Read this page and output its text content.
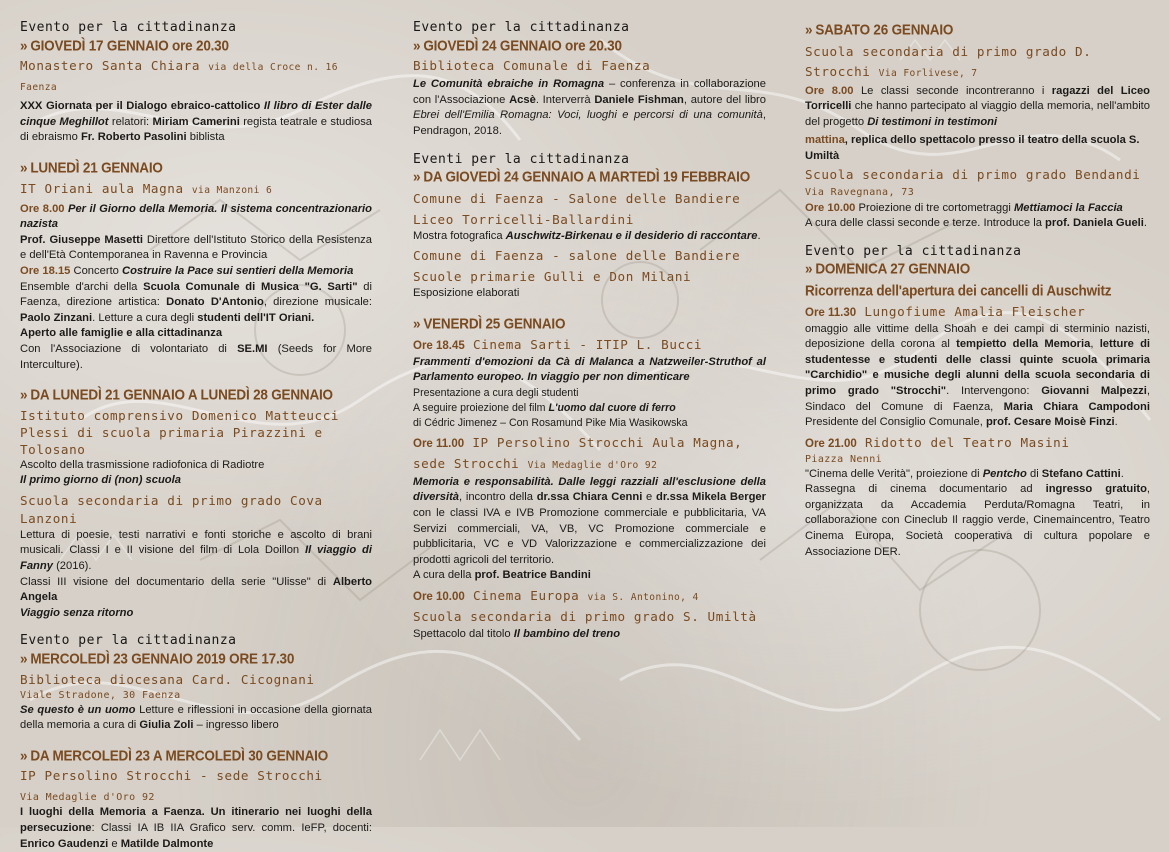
Evento per la cittadinanza
» GIOVEDÌ 17 GENNAIO ore 20.30
Monastero Santa Chiara via della Croce n. 16 Faenza

XXX Giornata per il Dialogo ebraico-cattolico Il libro di Ester dalle cinque Meghillot relatori: Miriam Camerini regista teatrale e studiosa di ebraismo Fr. Roberto Pasolini biblista

» LUNEDÌ 21 GENNAIO
IT Oriani aula Magna via Manzoni 6

Ore 8.00 Per il Giorno della Memoria. Il sistema concentrazionario nazista
Prof. Giuseppe Masetti Direttore dell'Istituto Storico della Resistenza e dell'Età Contemporanea in Ravenna e Provincia

Ore 18.15 Concerto Costruire la Pace sui sentieri della Memoria
Ensemble d'archi della Scuola Comunale di Musica "G. Sarti" di Faenza, direzione artistica: Donato D'Antonio, direzione musicale: Paolo Zinzani. Letture a cura degli studenti dell'IT Oriani.
Aperto alle famiglie e alla cittadinanza
Con l'Associazione di volontariato di SE.MI (Seeds for More Interculture).

» DA LUNEDÌ 21 GENNAIO A LUNEDÌ 28 GENNAIO
Istituto comprensivo Domenico Matteucci
Plessi di scuola primaria Pirazzini e Tolosano

Ascolto della trasmissione radiofonica di Radiotre
Il primo giorno di (non) scuola

Scuola secondaria di primo grado Cova Lanzoni

Lettura di poesie, testi narrativi e fonti storiche e ascolto di brani musicali. Classi I e II visione del film di Lola Doillon Il viaggio di Fanny (2016).
Classi III visione del documentario della serie "Ulisse" di Alberto Angela
Viaggio senza ritorno

Evento per la cittadinanza
» MERCOLEDÌ 23 GENNAIO 2019 ORE 17.30
Biblioteca diocesana Card. Cicognani
Viale Stradone, 30 Faenza

Se questo è un uomo Letture e riflessioni in occasione della giornata della memoria a cura di Giulia Zoli – ingresso libero

» DA MERCOLEDÌ 23 A MERCOLEDÌ 30 GENNAIO
IP Persolino Strocchi - sede Strocchi
Via Medaglie d'Oro 92

I luoghi della Memoria a Faenza. Un itinerario nei luoghi della persecuzione: Classi IA IB IIA Grafico serv. comm. IeFP, docenti: Enrico Gaudenzi e Matilde Dalmonte

Evento per la cittadinanza
» GIOVEDÌ 24 GENNAIO ore 20.30
Biblioteca Comunale di Faenza

Le Comunità ebraiche in Romagna – conferenza in collaborazione con l'Associazione Acsè. Interverrà Daniele Fishman, autore del libro Ebrei dell'Emilia Romagna: Voci, luoghi e percorsi di una comunità, Pendragon, 2018.

Eventi per la cittadinanza
» DA GIOVEDÌ 24 GENNAIO A MARTEDÌ 19 FEBBRAIO
Comune di Faenza - Salone delle Bandiere
Liceo Torricelli-Ballardini

Mostra fotografica Auschwitz-Birkenau e il desiderio di raccontare.

Comune di Faenza - salone delle Bandiere
Scuole primarie Gulli e Don Milani

Esposizione elaborati

» VENERDÌ 25 GENNAIO
Ore 18.45 Cinema Sarti - ITIP L. Bucci

Frammenti d'emozioni da Cà di Malanca a Natzweiler-Struthof al Parlamento europeo. In viaggio per non dimenticare

Presentazione a cura degli studenti
A seguire proiezione del film L'uomo dal cuore di ferro
di Cédric Jimenez – Con Rosamund Pike Mia Wasikowska

Ore 11.00 IP Persolino Strocchi Aula Magna, sede Strocchi Via Medaglie d'Oro 92

Memoria e responsabilità. Dalle leggi razziali all'esclusione della diversità, incontro della dr.ssa Chiara Cenni e dr.ssa Mikela Berger con le classi IVA e IVB Promozione commerciale e pubblicitaria, VA Servizi commerciali, VA, VB, VC Promozione commerciale e pubblicitaria, VC e VD Valorizzazione e commercializzazione dei prodotti agricoli del territorio.
A cura della prof. Beatrice Bandini

Ore 10.00 Cinema Europa via S. Antonino, 4
Scuola secondaria di primo grado S. Umiltà

Spettacolo dal titolo Il bambino del treno

» SABATO 26 GENNAIO
Scuola secondaria di primo grado D. Strocchi Via Forlivese, 7

Ore 8.00 Le classi seconde incontreranno i ragazzi del Liceo Torricelli che hanno partecipato al viaggio della memoria, nell'ambito del progetto Di testimoni in testimoni

mattina, replica dello spettacolo presso il teatro della scuola S. Umiltà

Scuola secondaria di primo grado Bendandi
Via Ravegnana, 73

Ore 10.00 Proiezione di tre cortometraggi Mettiamoci la Faccia
A cura delle classi seconde e terze. Introduce la prof. Daniela Gueli.

Evento per la cittadinanza
» DOMENICA 27 GENNAIO
Ricorrenza dell'apertura dei cancelli di Auschwitz
Ore 11.30 Lungofiume Amalia Fleischer

omaggio alle vittime della Shoah e dei campi di sterminio nazisti, deposizione della corona al tempietto della Memoria, letture di studentesse e studenti delle classi quinte scuola primaria "Carchidio" e musiche degli alunni della scuola secondaria di primo grado "Strocchi". Intervengono: Giovanni Malpezzi, Sindaco del Comune di Faenza, Maria Chiara Campodoni Presidente del Consiglio Comunale, prof. Cesare Moisè Finzi.

Ore 21.00 Ridotto del Teatro Masini
Piazza Nenni

"Cinema delle Verità", proiezione di Pentcho di Stefano Cattini.
Rassegna di cinema documentario ad ingresso gratuito, organizzata da Accademia Perduta/Romagna Teatri, in collaborazione con Cineclub Il raggio verde, Cinemaincentro, Teatro Cinema Europa, Società cooperativa di cultura popolare e Associazione DER.
